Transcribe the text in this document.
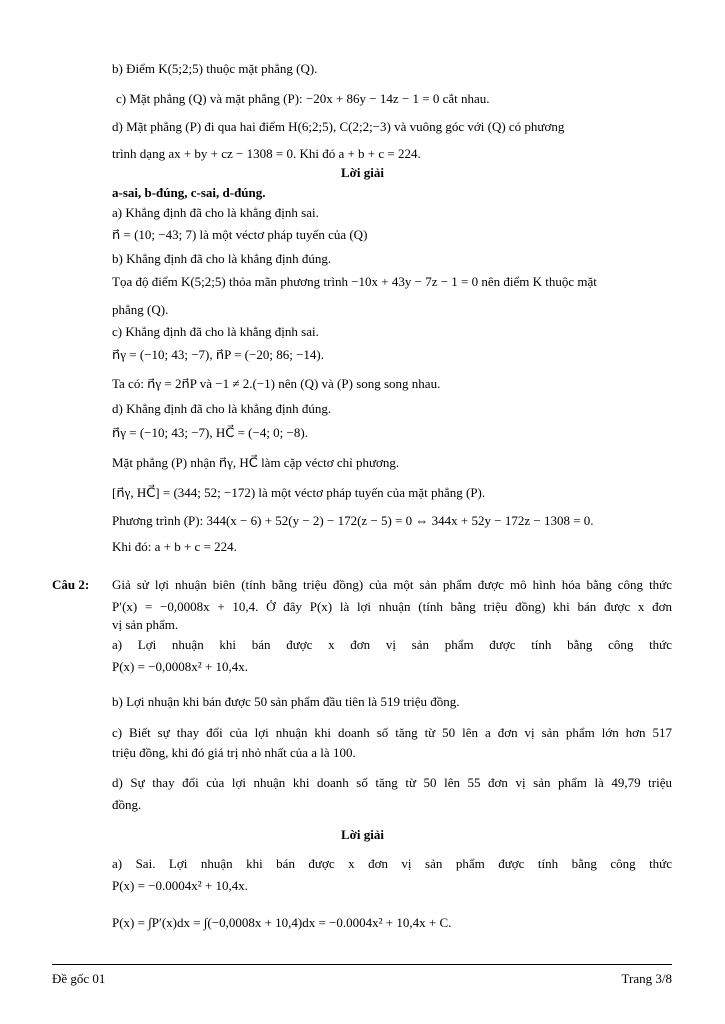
b) Điểm K(5;2;5) thuộc mặt phẳng (Q).
c) Mặt phẳng (Q) và mặt phẳng (P): −20x + 86y − 14z − 1 = 0 cắt nhau.
d) Mặt phẳng (P) đi qua hai điểm H(6;2;5), C(2;2;−3) và vuông góc với (Q) có phương
trình dạng ax + by + cz − 1308 = 0. Khi đó a + b + c = 224.
Lời giải
a-sai, b-đúng, c-sai, d-đúng.
a) Khẳng định đã cho là khẳng định sai.
n⃗ = (10; −43; 7) là một véctơ pháp tuyến của (Q)
b) Khẳng định đã cho là khẳng định đúng.
Tọa độ điểm K(5;2;5) thỏa mãn phương trình −10x + 43y − 7z − 1 = 0 nên điểm K thuộc mặt
phẳng (Q).
c) Khẳng định đã cho là khẳng định sai.
n⃗γ = (−10; 43; −7), n⃗P = (−20; 86; −14).
Ta có: n⃗γ = 2n⃗P và −1 ≠ 2.(−1) nên (Q) và (P) song song nhau.
d) Khẳng định đã cho là khẳng định đúng.
n⃗γ = (−10; 43; −7), HC⃗ = (−4; 0; −8).
Mặt phẳng (P) nhận n⃗γ, HC⃗ làm cặp véctơ chỉ phương.
[n⃗γ, HC⃗] = (344; 52; −172) là một véctơ pháp tuyến của mặt phẳng (P).
Phương trình (P): 344(x − 6) + 52(y − 2) − 172(z − 5) = 0 ⇔ 344x + 52y − 172z − 1308 = 0.
Khi đó: a + b + c = 224.
Câu 2: Giả sử lợi nhuận biên (tính bằng triệu đồng) của một sản phẩm được mô hình hóa bằng công thức
P′(x) = −0,0008x + 10,4. Ở đây P(x) là lợi nhuận (tính bằng triệu đồng) khi bán được x đơn
vị sản phẩm.
a) Lợi nhuận khi bán được x đơn vị sản phẩm được tính bằng công thức
P(x) = −0,0008x² + 10,4x.
b) Lợi nhuận khi bán được 50 sản phẩm đầu tiên là 519 triệu đồng.
c) Biết sự thay đổi của lợi nhuận khi doanh số tăng từ 50 lên a đơn vị sản phẩm lớn hơn 517
triệu đồng, khi đó giá trị nhỏ nhất của a là 100.
d) Sự thay đổi của lợi nhuận khi doanh số tăng từ 50 lên 55 đơn vị sản phẩm là 49,79 triệu
đồng.
Lời giải
a) Sai. Lợi nhuận khi bán được x đơn vị sản phẩm được tính bằng công thức
P(x) = −0.0004x² + 10,4x.
P(x) = ∫P′(x)dx = ∫(−0,0008x + 10,4)dx = −0.0004x² + 10,4x + C.
Đề gốc 01	Trang 3/8
